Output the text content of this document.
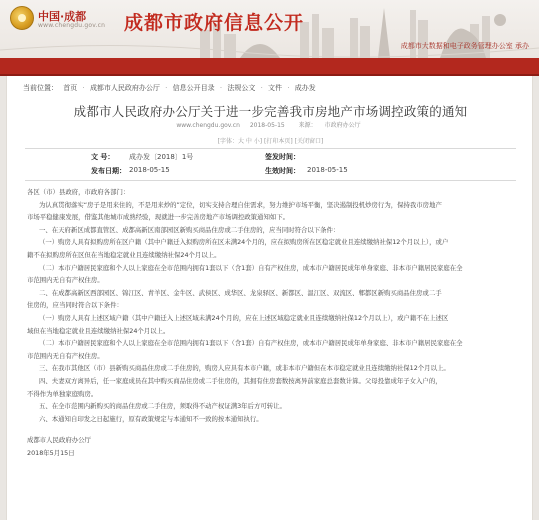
中国·成都
www.chengdu.gov.cn 成都市政府信息公开
成都市大数据和电子政务管理办公室 承办
当前位置： 首页 · 成都市人民政府办公厅 · 信息公开目录 · 法规公文 · 文件 · 成办发
成都市人民政府办公厅关于进一步完善我市房地产市场调控政策的通知
www.chengdu.gov.cn 2018-05-15 来源： 市政府办公厅
[字体：大 中 小] [打印本页] [关闭窗口]
文 号： 成办发〔2018〕1号	签发时间：
发布日期： 2018-05-15	生效时间： 2018-05-15
各区（市）县政府，市政府各部门：
为认真贯彻落实“房子是用来住的，不是用来炒的”定位，切实支持合理自住需求，努力维护市场平衡，坚决遏制投机炒房行为，保持我市房地产
市场平稳健康发展，借鉴其他城市成熟经验，现就进一步完善房地产市场调控政策通知如下。
一、在天府新区成都直管区、成都高新区南部园区新购买商品住房或二手住房的，应当同时符合以下条件：
（一）购房人具有拟购房所在区户籍（其中户籍迁入拟购房所在区未满24个月的，应在拟购房所在区稳定就业且连续缴纳社保12个月以上），或户
籍不在拟购房所在区但在当地稳定就业且连续缴纳社保24个月以上。
（二）本市户籍居民家庭和个人以上家庭在全市范围内拥有1套以下（含1套）自有产权住房，成本市户籍居民成年单身家庭、非本市户籍居民家庭在全
市范围内无自有产权住房。
二、在成都高新区西部园区、锦江区、青羊区、金牛区、武侯区、成华区、龙泉驿区、新都区、温江区、双流区、郫都区新购买商品住房或二手
住房的，应当同时符合以下条件：
（一）购房人具有上述区域户籍（其中户籍迁入上述区域未满24个月的，应在上述区域稳定就业且连续缴纳社保12个月以上），或户籍不在上述区
域但在当地稳定就业且连续缴纳社保24个月以上。
（二）本市户籍居民家庭和个人以上家庭在全市范围内拥有1套以下（含1套）自有产权住房，或本市户籍居民成年单身家庭、非本市户籍居民家庭在全
市范围内无自有产权住房。
三、在我市其他区（市）县新购买商品住房或二手住房的，购房人应具有本市户籍，或非本市户籍但在本市稳定就业且连续缴纳社保12个月以上。
四、夫妻双方离异后，任一家庭成员在其中购买商品住房或二手住房的，其拥有住房套数按离异前家庭总套数计算。父母投靠成年子女入户的，
不得作为单独家庭购房。
五、在全市范围内新购买的商品住房或二手住房，须取得不动产权证满3年后方可转让。
六、本通知自印发之日起施行，原有政策规定与本通知不一致的按本通知执行。
成都市人民政府办公厅
2018年5月15日
